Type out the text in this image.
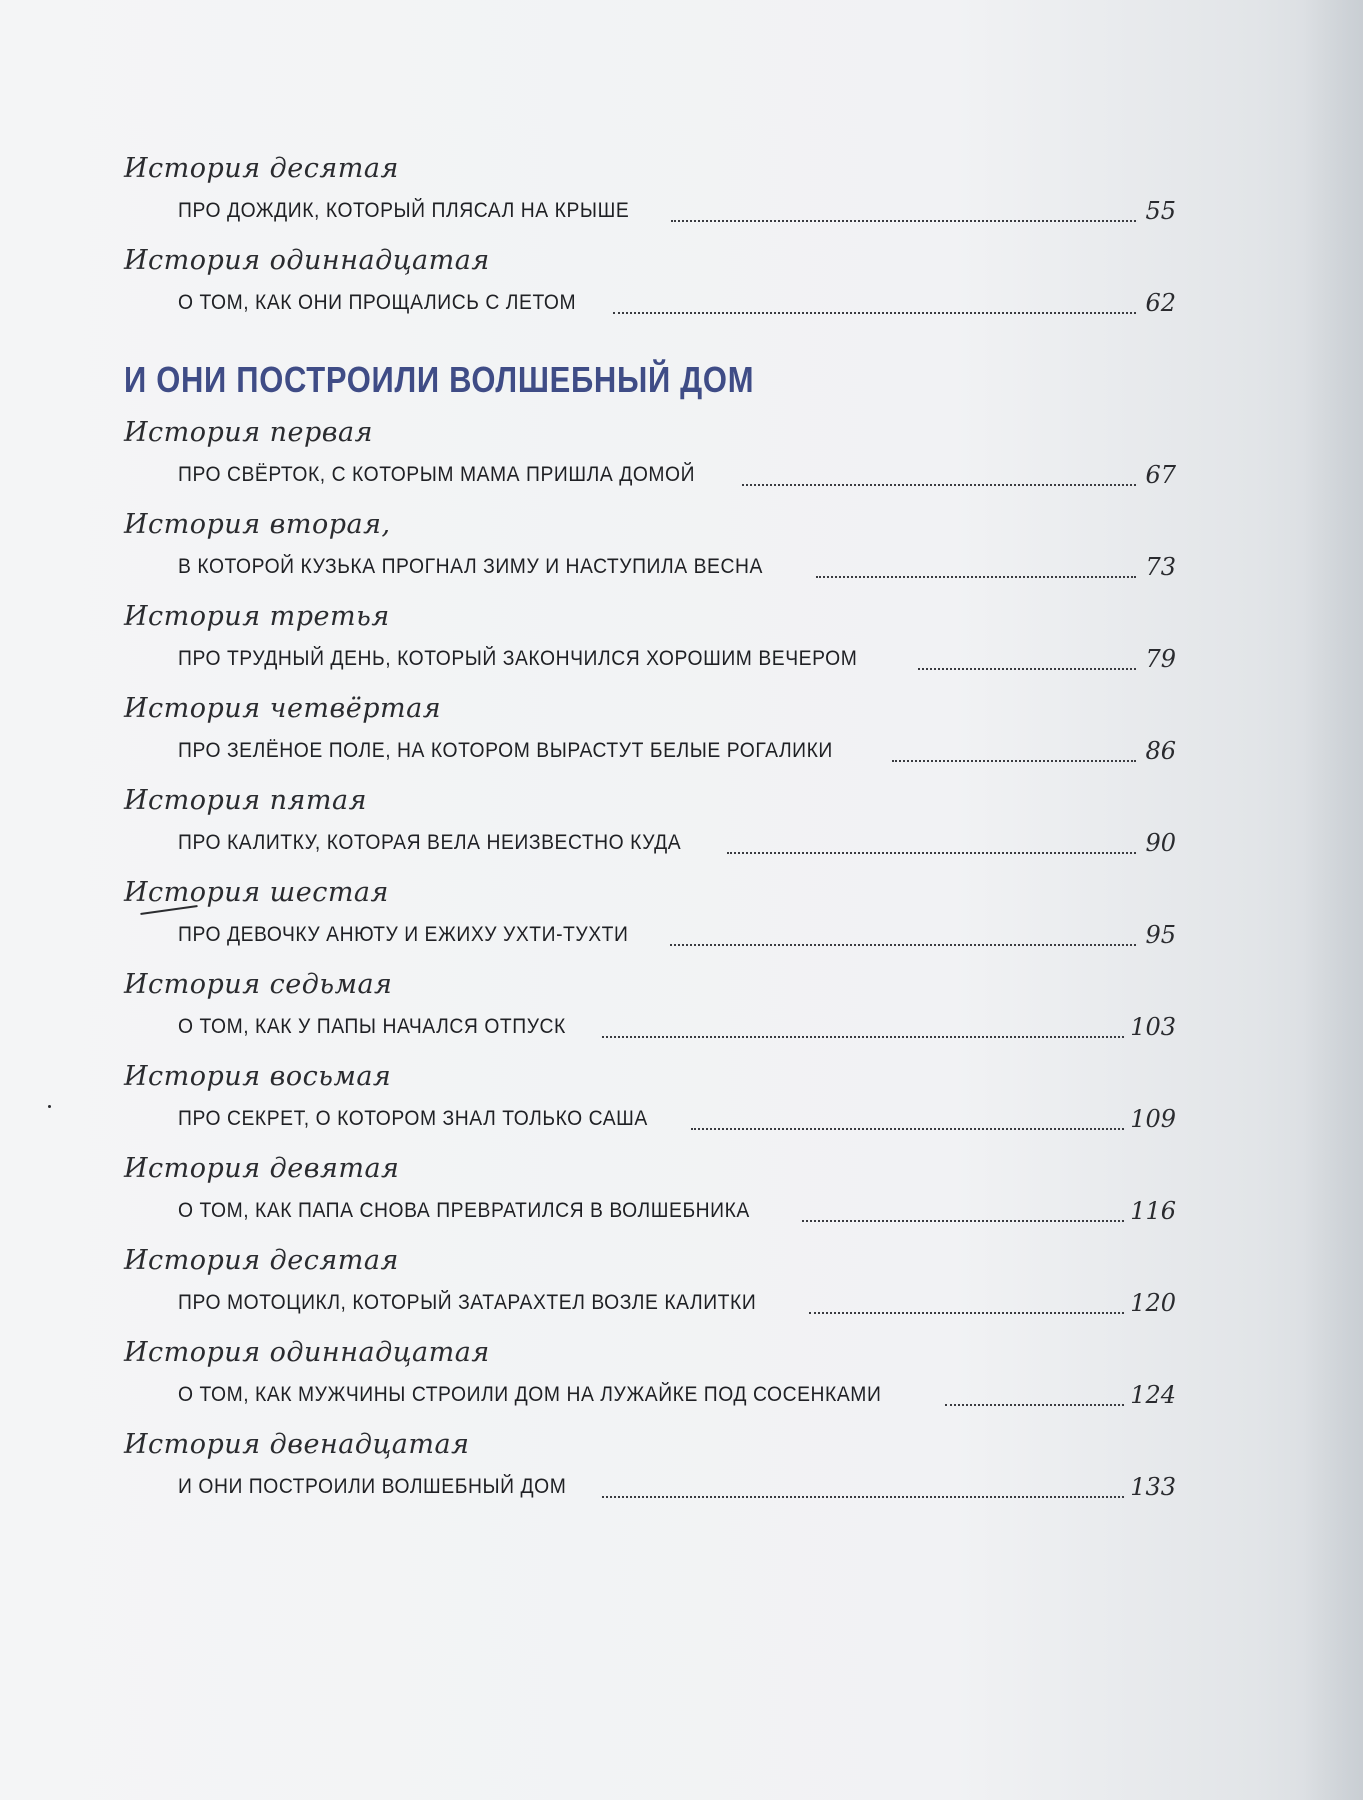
История десятая
ПРО ДОЖДИК, КОТОРЫЙ ПЛЯСАЛ НА КРЫШЕ	55
История одиннадцатая
О ТОМ, КАК ОНИ ПРОЩАЛИСЬ С ЛЕТОМ	62
И ОНИ ПОСТРОИЛИ ВОЛШЕБНЫЙ ДОМ
История первая
ПРО СВЁРТОК, С КОТОРЫМ МАМА ПРИШЛА ДОМОЙ	67
История вторая,
В КОТОРОЙ КУЗЬКА ПРОГНАЛ ЗИМУ И НАСТУПИЛА ВЕСНА	73
История третья
ПРО ТРУДНЫЙ ДЕНЬ, КОТОРЫЙ ЗАКОНЧИЛСЯ ХОРОШИМ ВЕЧЕРОМ	79
История четвёртая
ПРО ЗЕЛЁНОЕ ПОЛЕ, НА КОТОРОМ ВЫРАСТУТ БЕЛЫЕ РОГАЛИКИ	86
История пятая
ПРО КАЛИТКУ, КОТОРАЯ ВЕЛА НЕИЗВЕСТНО КУДА	90
История шестая
ПРО ДЕВОЧКУ АНЮТУ И ЕЖИХУ УХТИ-ТУХТИ	95
История седьмая
О ТОМ, КАК У ПАПЫ НАЧАЛСЯ ОТПУСК	103
История восьмая
ПРО СЕКРЕТ, О КОТОРОМ ЗНАЛ ТОЛЬКО САША	109
История девятая
О ТОМ, КАК ПАПА СНОВА ПРЕВРАТИЛСЯ В ВОЛШЕБНИКА	116
История десятая
ПРО МОТОЦИКЛ, КОТОРЫЙ ЗАТАРАХТЕЛ ВОЗЛЕ КАЛИТКИ	120
История одиннадцатая
О ТОМ, КАК МУЖЧИНЫ СТРОИЛИ ДОМ НА ЛУЖАЙКЕ ПОД СОСЕНКАМИ	124
История двенадцатая
И ОНИ ПОСТРОИЛИ ВОЛШЕБНЫЙ ДОМ	133
